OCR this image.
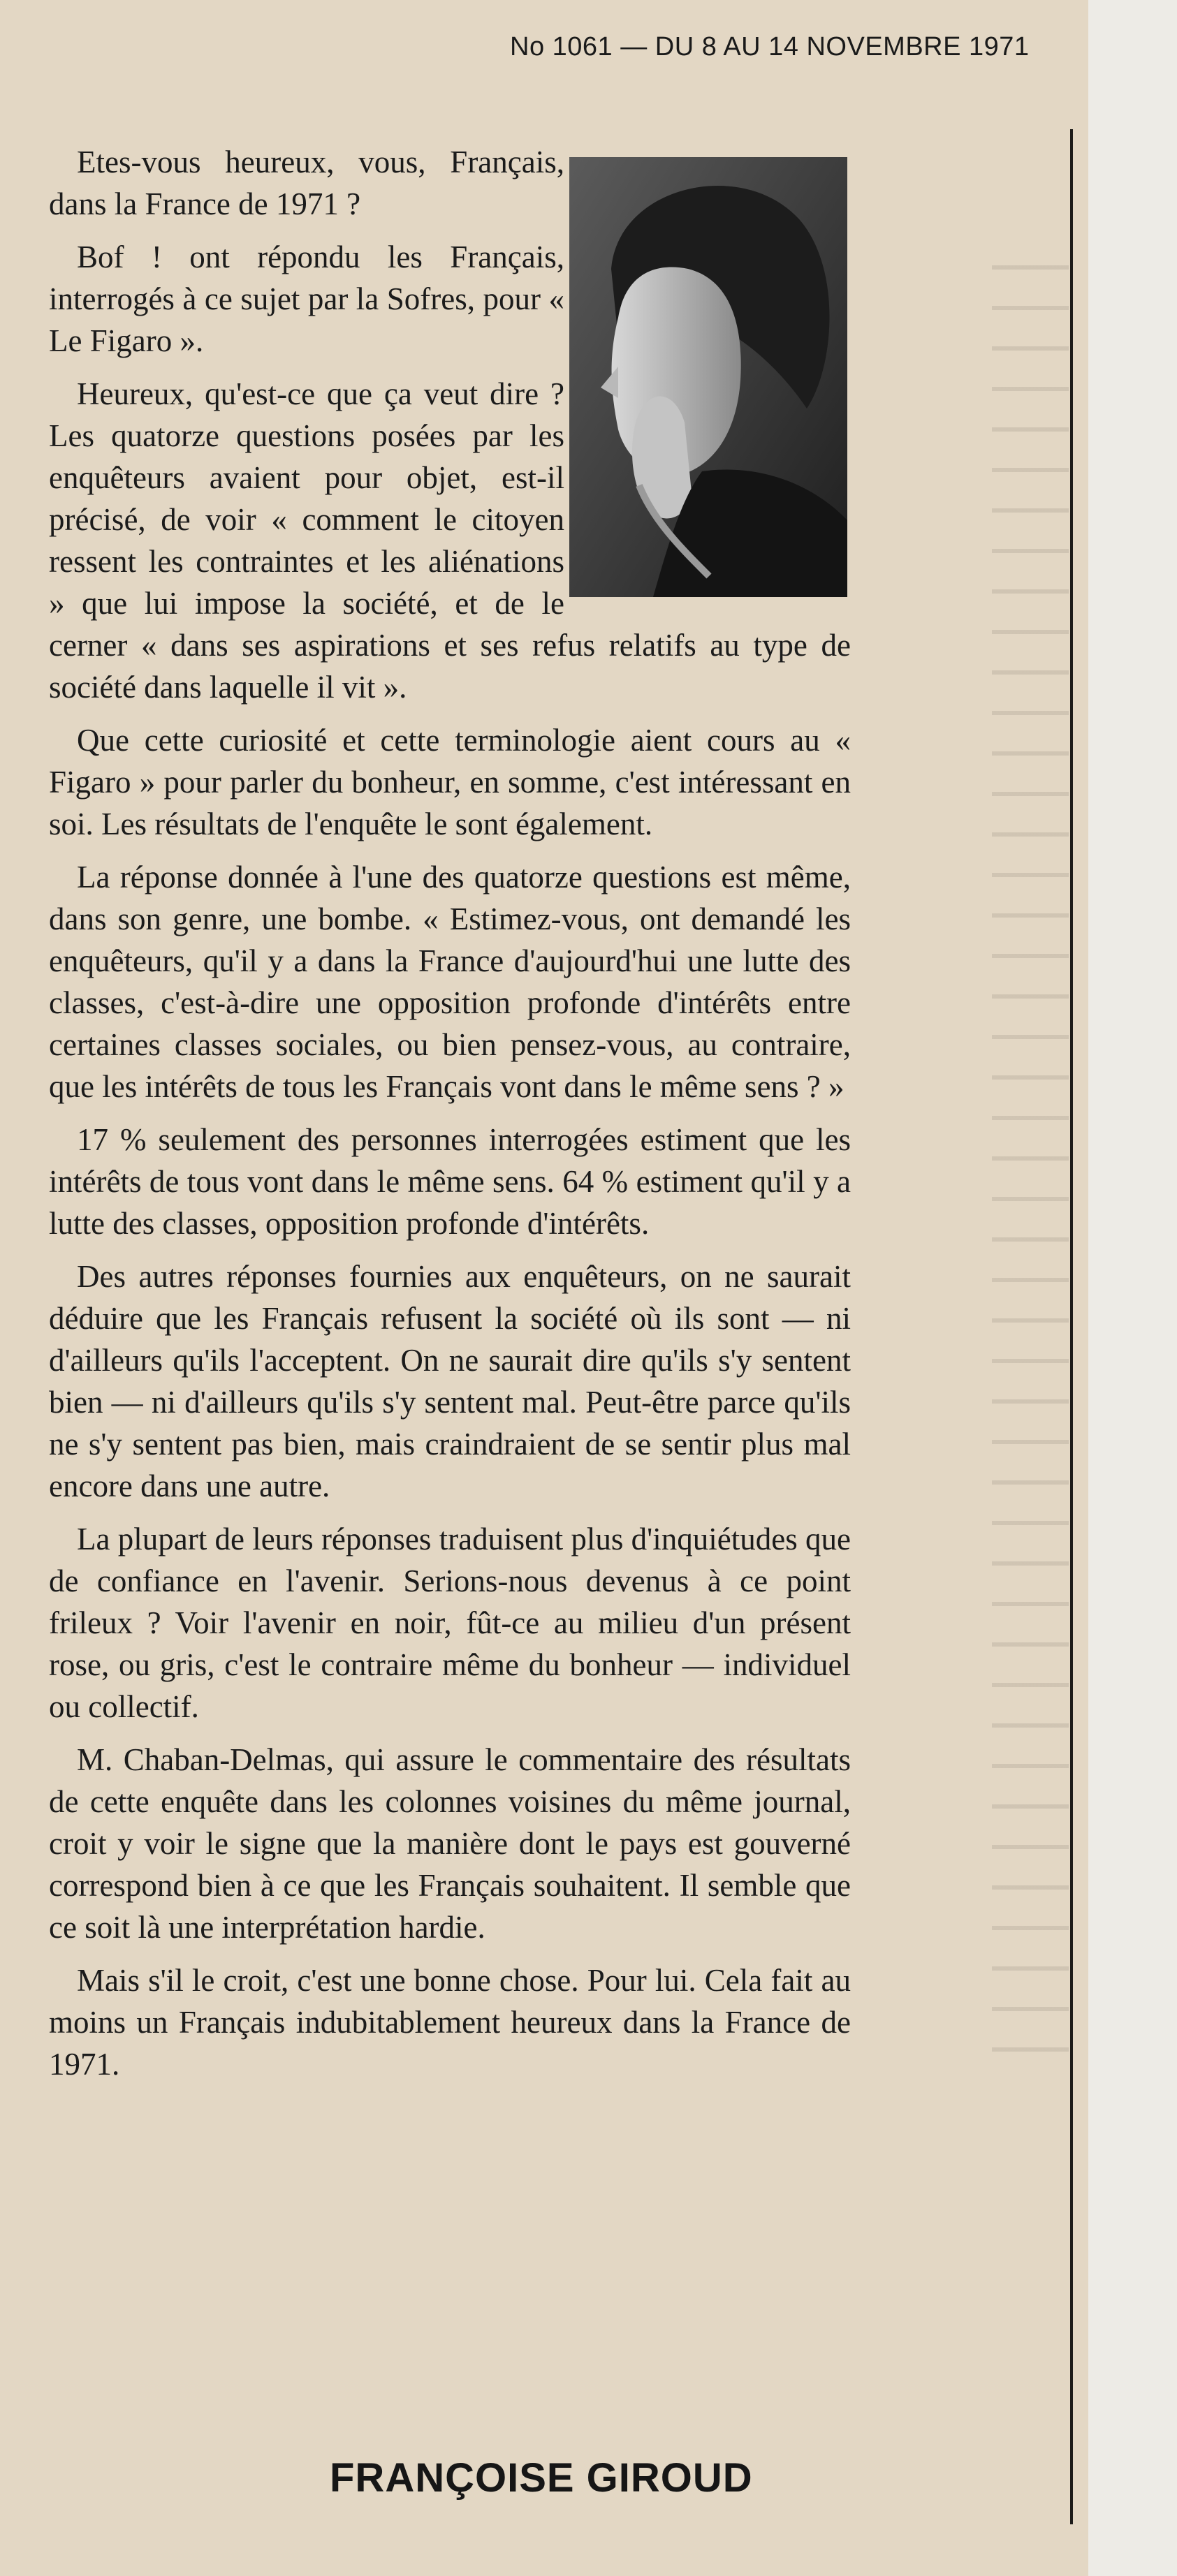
No 1061 — DU 8 AU 14 NOVEMBRE 1971

Etes-vous heureux, vous, Français, dans la France de 1971 ?

Bof ! ont répondu les Français, interrogés à ce sujet par la Sofres, pour « Le Figaro ».

Heureux, qu'est-ce que ça veut dire ? Les quatorze questions posées par les enquêteurs avaient pour objet, est-il précisé, de voir « comment le citoyen ressent les contraintes et les aliénations » que lui impose la société, et de le cerner « dans ses aspirations et ses refus relatifs au type de société dans laquelle il vit ».

Que cette curiosité et cette terminologie aient cours au « Figaro » pour parler du bonheur, en somme, c'est intéressant en soi. Les résultats de l'enquête le sont également.

La réponse donnée à l'une des quatorze questions est même, dans son genre, une bombe. « Estimez-vous, ont demandé les enquêteurs, qu'il y a dans la France d'aujourd'hui une lutte des classes, c'est-à-dire une opposition profonde d'intérêts entre certaines classes sociales, ou bien pensez-vous, au contraire, que les intérêts de tous les Français vont dans le même sens ? »

17 % seulement des personnes interrogées estiment que les intérêts de tous vont dans le même sens. 64 % estiment qu'il y a lutte des classes, opposition profonde d'intérêts.

Des autres réponses fournies aux enquêteurs, on ne saurait déduire que les Français refusent la société où ils sont — ni d'ailleurs qu'ils l'acceptent. On ne saurait dire qu'ils s'y sentent bien — ni d'ailleurs qu'ils s'y sentent mal. Peut-être parce qu'ils ne s'y sentent pas bien, mais craindraient de se sentir plus mal encore dans une autre.

La plupart de leurs réponses traduisent plus d'inquiétudes que de confiance en l'avenir. Serions-nous devenus à ce point frileux ? Voir l'avenir en noir, fût-ce au milieu d'un présent rose, ou gris, c'est le contraire même du bonheur — individuel ou collectif.

M. Chaban-Delmas, qui assure le commentaire des résultats de cette enquête dans les colonnes voisines du même journal, croit y voir le signe que la manière dont le pays est gouverné correspond bien à ce que les Français souhaitent. Il semble que ce soit là une interprétation hardie.

Mais s'il le croit, c'est une bonne chose. Pour lui. Cela fait au moins un Français indubitablement heureux dans la France de 1971.

FRANÇOISE GIROUD
